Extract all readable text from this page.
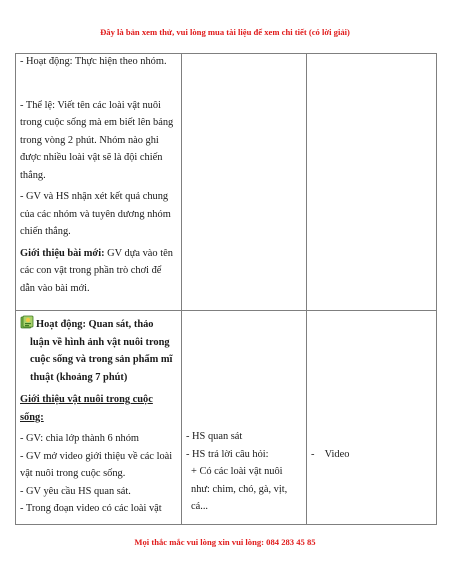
Đây là bản xem thử, vui lòng mua tài liệu để xem chi tiết (có lời giải)

- Hoạt động: Thực hiện theo nhóm.

- Thể lệ: Viết tên các loài vật nuôi

trong cuộc sống mà em biết lên bảng

trong vòng 2 phút. Nhóm nào ghi

được nhiều loài vật sẽ là đội chiến

thắng.

- GV và HS nhận xét kết quả chung

của các nhóm và tuyên dương nhóm

chiến thắng.

Giới thiệu bài mới: GV dựa vào tên

các con vật trong phần trò chơi để

dẫn vào bài mới.

Hoạt động: Quan sát, thảo

luận về hình ảnh vật nuôi trong

cuộc sống và trong sản phẩm mĩ

thuật (khoảng 7 phút)

Giới thiệu vật nuôi trong cuộc

sống:

- GV: chia lớp thành 6 nhóm

- GV mở video giới thiệu về các loài

vật nuôi trong cuộc sống.

- GV yêu cầu HS quan sát.

- Trong đoạn video có các loài vật

- HS quan sát

- HS trả lời câu hỏi:

+ Có các loài vật nuôi

như: chim, chó, gà, vịt,

cá...

-    Video

Mọi thắc mắc vui lòng xin vui lòng: 084 283 45 85
